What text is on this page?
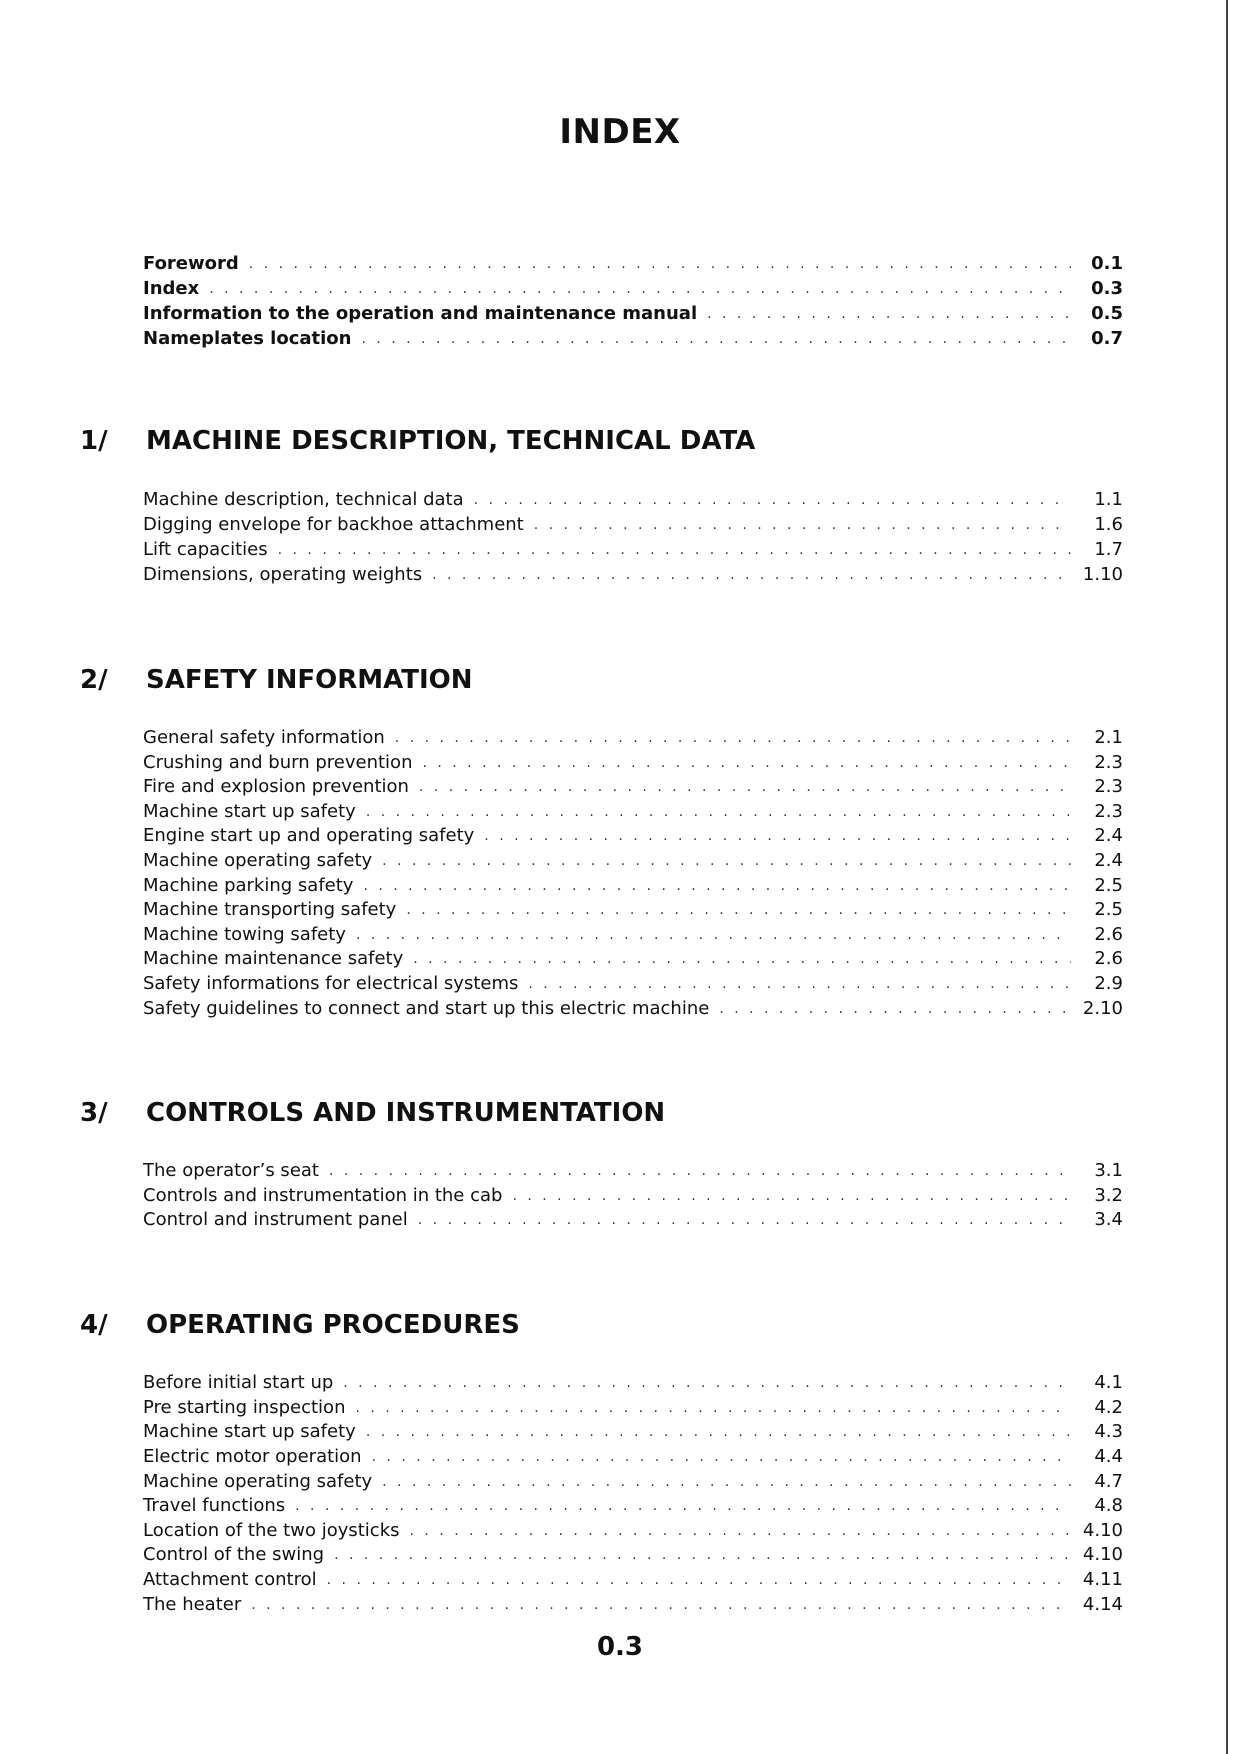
INDEX
Foreword . . .	0.1
Index . . .	0.3
Information to the operation and maintenance manual . . .	0.5
Nameplates location . . .	0.7
1/	MACHINE DESCRIPTION, TECHNICAL DATA
Machine description, technical data . . .	1.1
Digging envelope for backhoe attachment . . .	1.6
Lift capacities . . .	1.7
Dimensions, operating weights . . .	1.10
2/	SAFETY INFORMATION
General safety information . . .	2.1
Crushing and burn prevention . . .	2.3
Fire and explosion prevention . . .	2.3
Machine start up safety . . .	2.3
Engine start up and operating safety . . .	2.4
Machine operating safety . . .	2.4
Machine parking safety . . .	2.5
Machine transporting safety . . .	2.5
Machine towing safety . . .	2.6
Machine maintenance safety . . .	2.6
Safety informations for electrical systems . . .	2.9
Safety guidelines to connect and start up this electric machine . . .	2.10
3/	CONTROLS AND INSTRUMENTATION
The operator’s seat . . .	3.1
Controls and instrumentation in the cab . . .	3.2
Control and instrument panel . . .	3.4
4/	OPERATING PROCEDURES
Before initial start up . . .	4.1
Pre starting inspection . . .	4.2
Machine start up safety . . .	4.3
Electric motor operation . . .	4.4
Machine operating safety . . .	4.7
Travel functions . . .	4.8
Location of the two joysticks . . .	4.10
Control of the swing . . .	4.10
Attachment control . . .	4.11
The heater . . .	4.14
0.3
